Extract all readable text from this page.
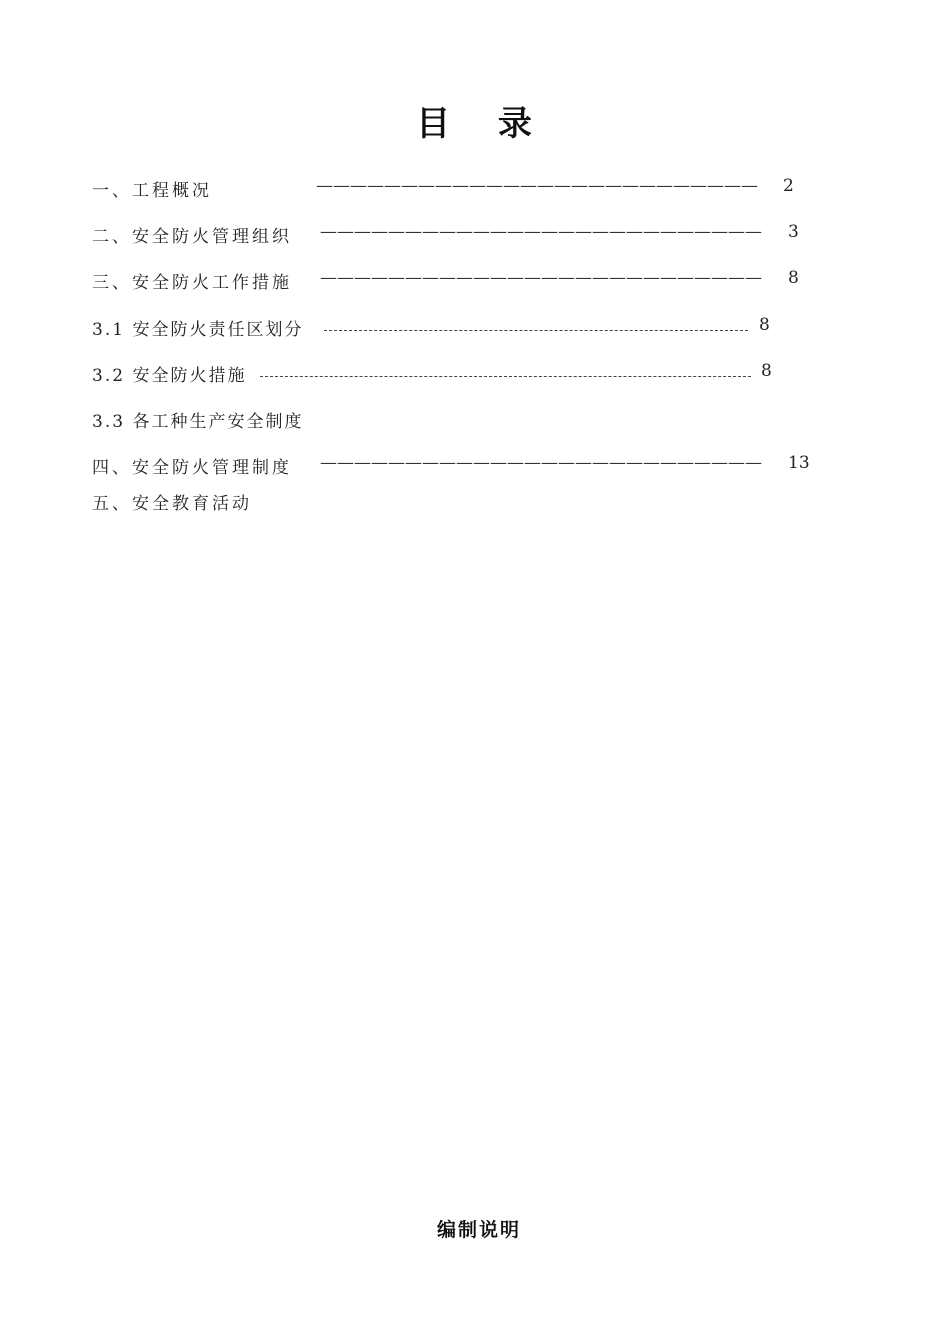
目 录
一、工程概况	——————————————————————————	2
二、安全防火管理组织 ——————————————————————————	3
三、安全防火工作措施 ——————————————————————————	8
3.1 安全防火责任区划分	8
3.2 安全防火措施	8
3.3 各工种生产安全制度
四、安全防火管理制度 ——————————————————————————	13
五、安全教育活动
编制说明
